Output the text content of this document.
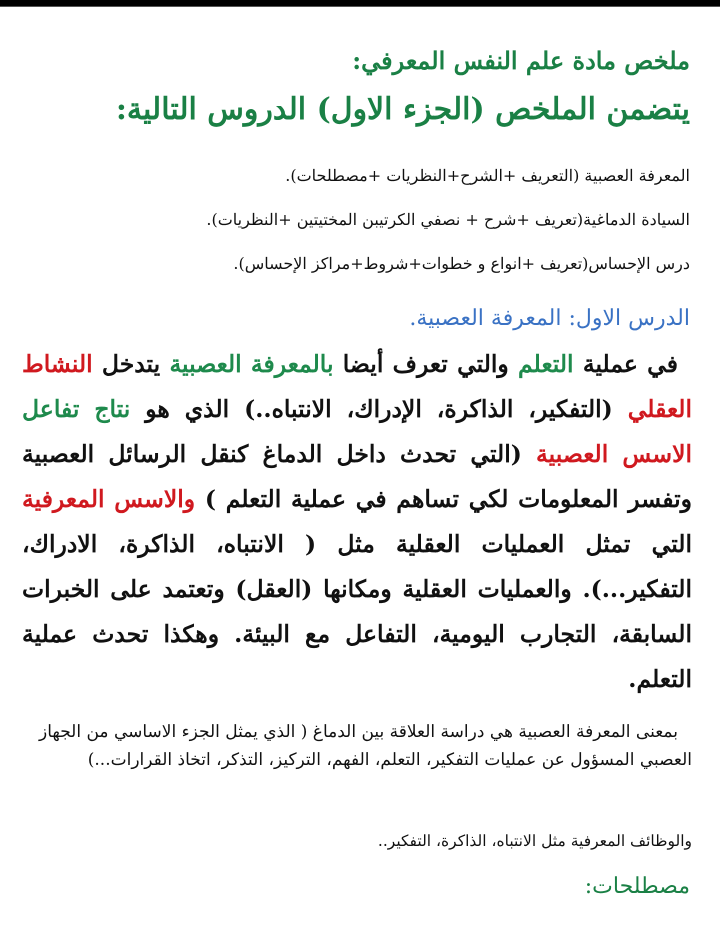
ملخص مادة علم النفس المعرفي:
يتضمن الملخص (الجزء الاول) الدروس التالية:
المعرفة العصبية (التعريف +الشرح+النظريات +مصطلحات).
السيادة الدماغية(تعريف +شرح + نصفي الكرتيبن المختيتين +النظريات).
درس الإحساس(تعريف +انواع و خطوات+شروط+مراكز الإحساس).
الدرس الاول: المعرفة العصبية.
في عملية التعلم والتي تعرف أيضا بالمعرفة العصبية يتدخل النشاط العقلي (التفكير، الذاكرة، الإدراك، الانتباه..) الذي هو نتاج تفاعل الاسس العصبية (التي تحدث داخل الدماغ كنقل الرسائل العصبية وتفسر المعلومات لكي تساهم في عملية التعلم ) والاسس المعرفية التي تمثل العمليات العقلية مثل ( الانتباه، الذاكرة، الادراك، التفكير...). والعمليات العقلية ومكانها (العقل) وتعتمد على الخبرات السابقة، التجارب اليومية، التفاعل مع البيئة. وهكذا تحدث عملية التعلم.
بمعنى المعرفة العصبية هي دراسة العلاقة بين الدماغ ( الذي يمثل الجزء الاساسي من الجهاز العصبي المسؤول عن عمليات التفكير، التعلم، الفهم، التركيز، التذكر، اتخاذ القرارات...)
والوظائف المعرفية مثل الانتباه، الذاكرة، التفكير..
مصطلحات:
